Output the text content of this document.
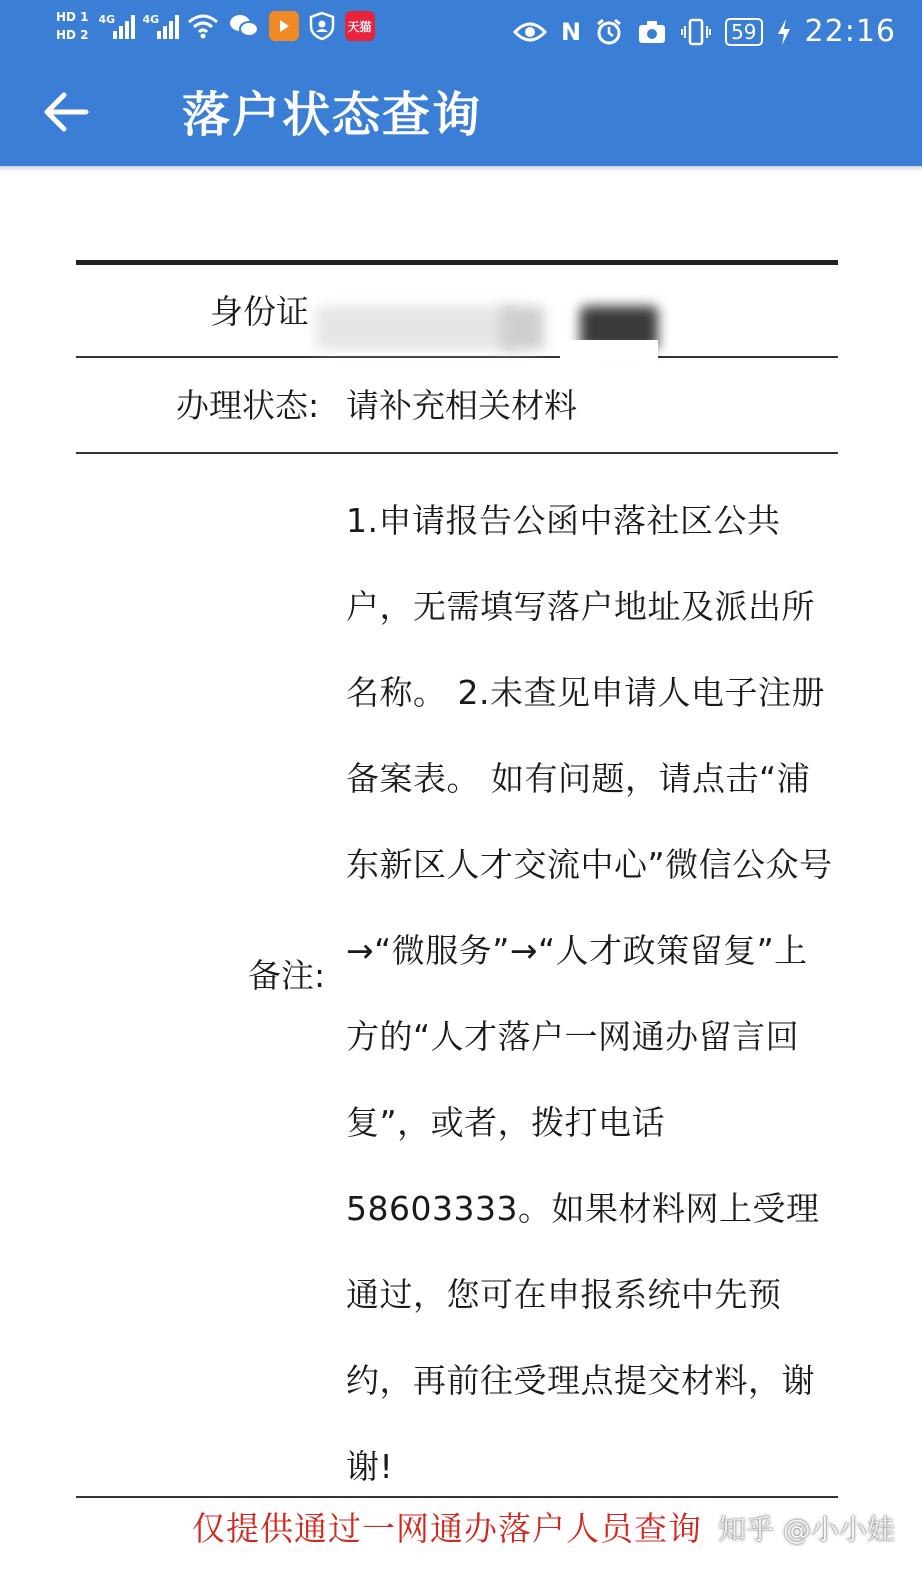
HD 1
HD 2
4G 4G	天猫	N	59 22:16
落户状态查询
身份证
办理状态: 请补充相关材料
备注:
1.申请报告公函中落社区公共户，无需填写落户地址及派出所名称。 2.未查见申请人电子注册备案表。 如有问题，请点击“浦东新区人才交流中心”微信公众号→“微服务”→“人才政策留复”上方的“人才落户一网通办留言回复”，或者，拨打电话58603333。如果材料网上受理通过，您可在申报系统中先预约，再前往受理点提交材料，谢谢!
仅提供通过一网通办落户人员查询 知乎 @小小娃
